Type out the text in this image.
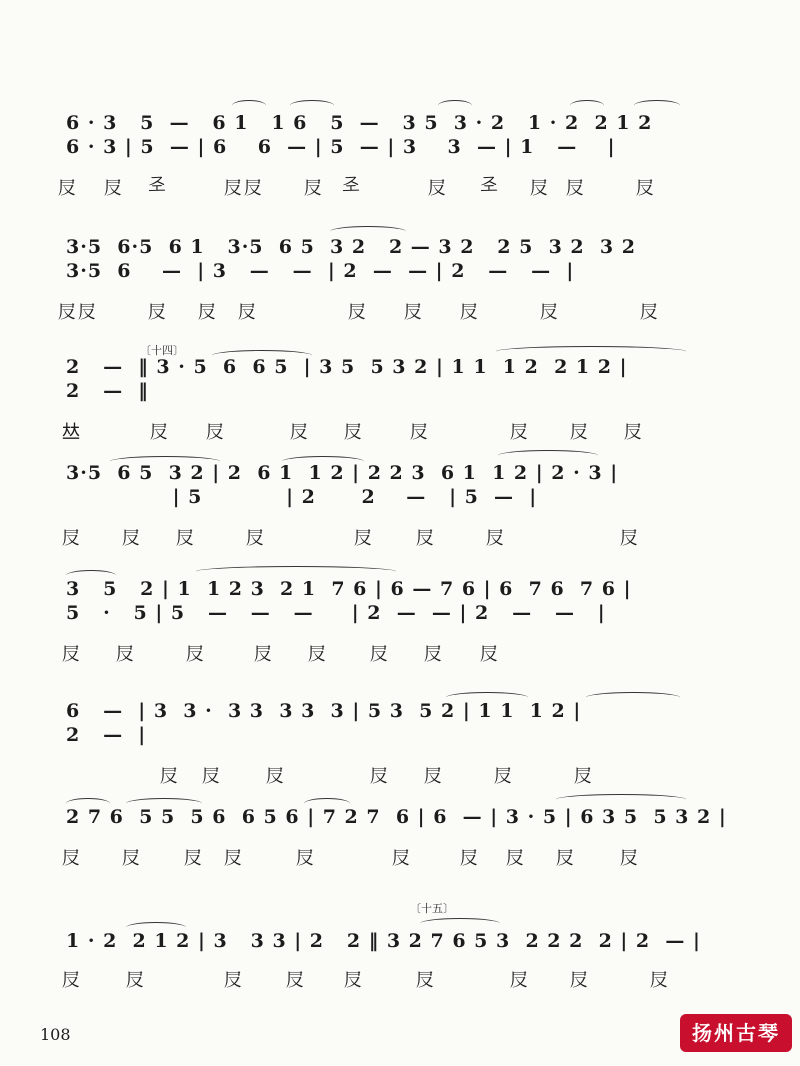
6 · 3   5  —   6 1   1 6   5  —   3 5  3 · 2   1 · 2  2 1 2
6 · 3 | 5  — | 6    6  — | 5  — | 3    3  — | 1   —    |
㞋 㞋 𢀖	㞋㞋 㞋 𢀖	㞋 𢀖 㞋 㞋	㞋
3·5  6·5  6 1   3·5  6 5  3 2   2 — 3 2   2 5  3 2  3 2
3·5  6    —  | 3   —   —  | 2  —  — | 2   —   —  |
㞋㞋	㞋 㞋 㞋	㞋 㞋 㞋	㞋	㞋
〔十四〕
2   —  ‖ 3 · 5  6  6 5  | 3 5  5 3 2 | 1 1  1 2  2 1 2 |
2   —  ‖
𠀤	㞋 㞋	㞋 㞋	㞋	㞋 㞋 㞋
3·5  6 5  3 2 | 2  6 1  1 2 | 2 2 3  6 1  1 2 | 2 · 3 |
| 5           | 2      2    —   | 5  —  |
㞋 㞋 㞋	㞋	㞋 㞋	㞋	㞋
3   5   2 | 1  1 2 3  2 1  7 6 | 6 — 7 6 | 6  7 6  7 6 |
5   ·   5 | 5   —   —   —     | 2  —  — | 2   —   —   |
㞋 㞋	㞋	㞋 㞋 㞋 㞋 㞋
6   —  | 3  3 ·  3 3  3 3  3 | 5 3  5 2 | 1 1  1 2 |
2   —  |
㞋 㞋 㞋	㞋 㞋	㞋	㞋
2 7 6  5 5  5 6  6 5 6 | 7 2 7  6 | 6  — | 3 · 5 | 6 3 5  5 3 2 |
㞋 㞋 㞋 㞋	㞋	㞋	㞋 㞋 㞋 㞋
〔十五〕
1 · 2  2 1 2 | 3   3 3 | 2   2 ‖ 3 2 7 6 5 3  2 2 2  2 | 2  — |
㞋 㞋	㞋 㞋 㞋	㞋	㞋 㞋	㞋
108	扬州古琴
